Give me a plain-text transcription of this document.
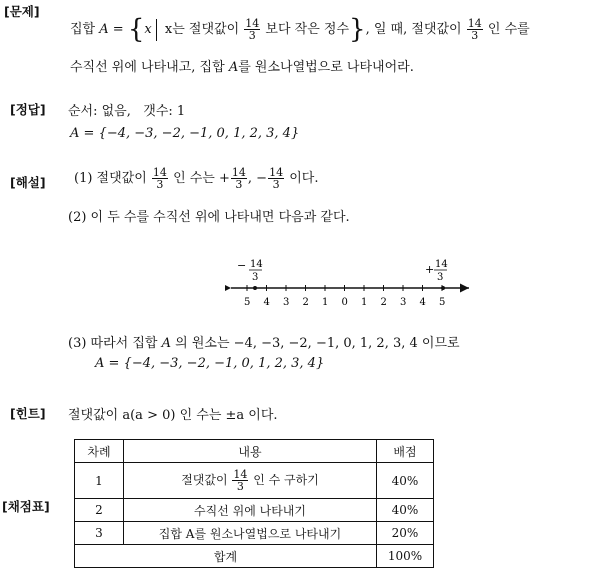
[문제]
집합 A = {x x는 절댓값이 $\frac{14}{3}$ 보다 작은 정수}, 일 때, 절댓값이 $\frac{14}{3}$ 인 수를
수직선 위에 나타내고, 집합 A를 원소나열법으로 나타내어라.
[정답] 순서: 없음, 갯수: 1
A = {−4, −3, −2, −1, 0, 1, 2, 3, 4}
[해설] (1) 절댓값이 $\frac{14}{3}$ 인 수는 + $\frac{14}{3}$ , − $\frac{14}{3}$ 이다.
(2) 이 두 수를 수직선 위에 나타내면 다음과 같다.
5 4 3 2 1 0 1 2 3 4 5
− 14
3
+ 14
3
(3) 따라서 집합 A 의 원소는 −4, −3, −2, −1, 0, 1, 2, 3, 4 이므로
A = {−4, −3, −2, −1, 0, 1, 2, 3, 4}
[힌트] 절댓값이 a(a > 0) 인 수는 ±a 이다.
[채점표]
차례	내용	배점
1	절댓값이 $\frac{14}{3}$ 인 수 구하기	40%
2	수직선 위에 나타내기	40%
3	집합 A를 원소나열법으로 나타내기	20%
합계		100%
